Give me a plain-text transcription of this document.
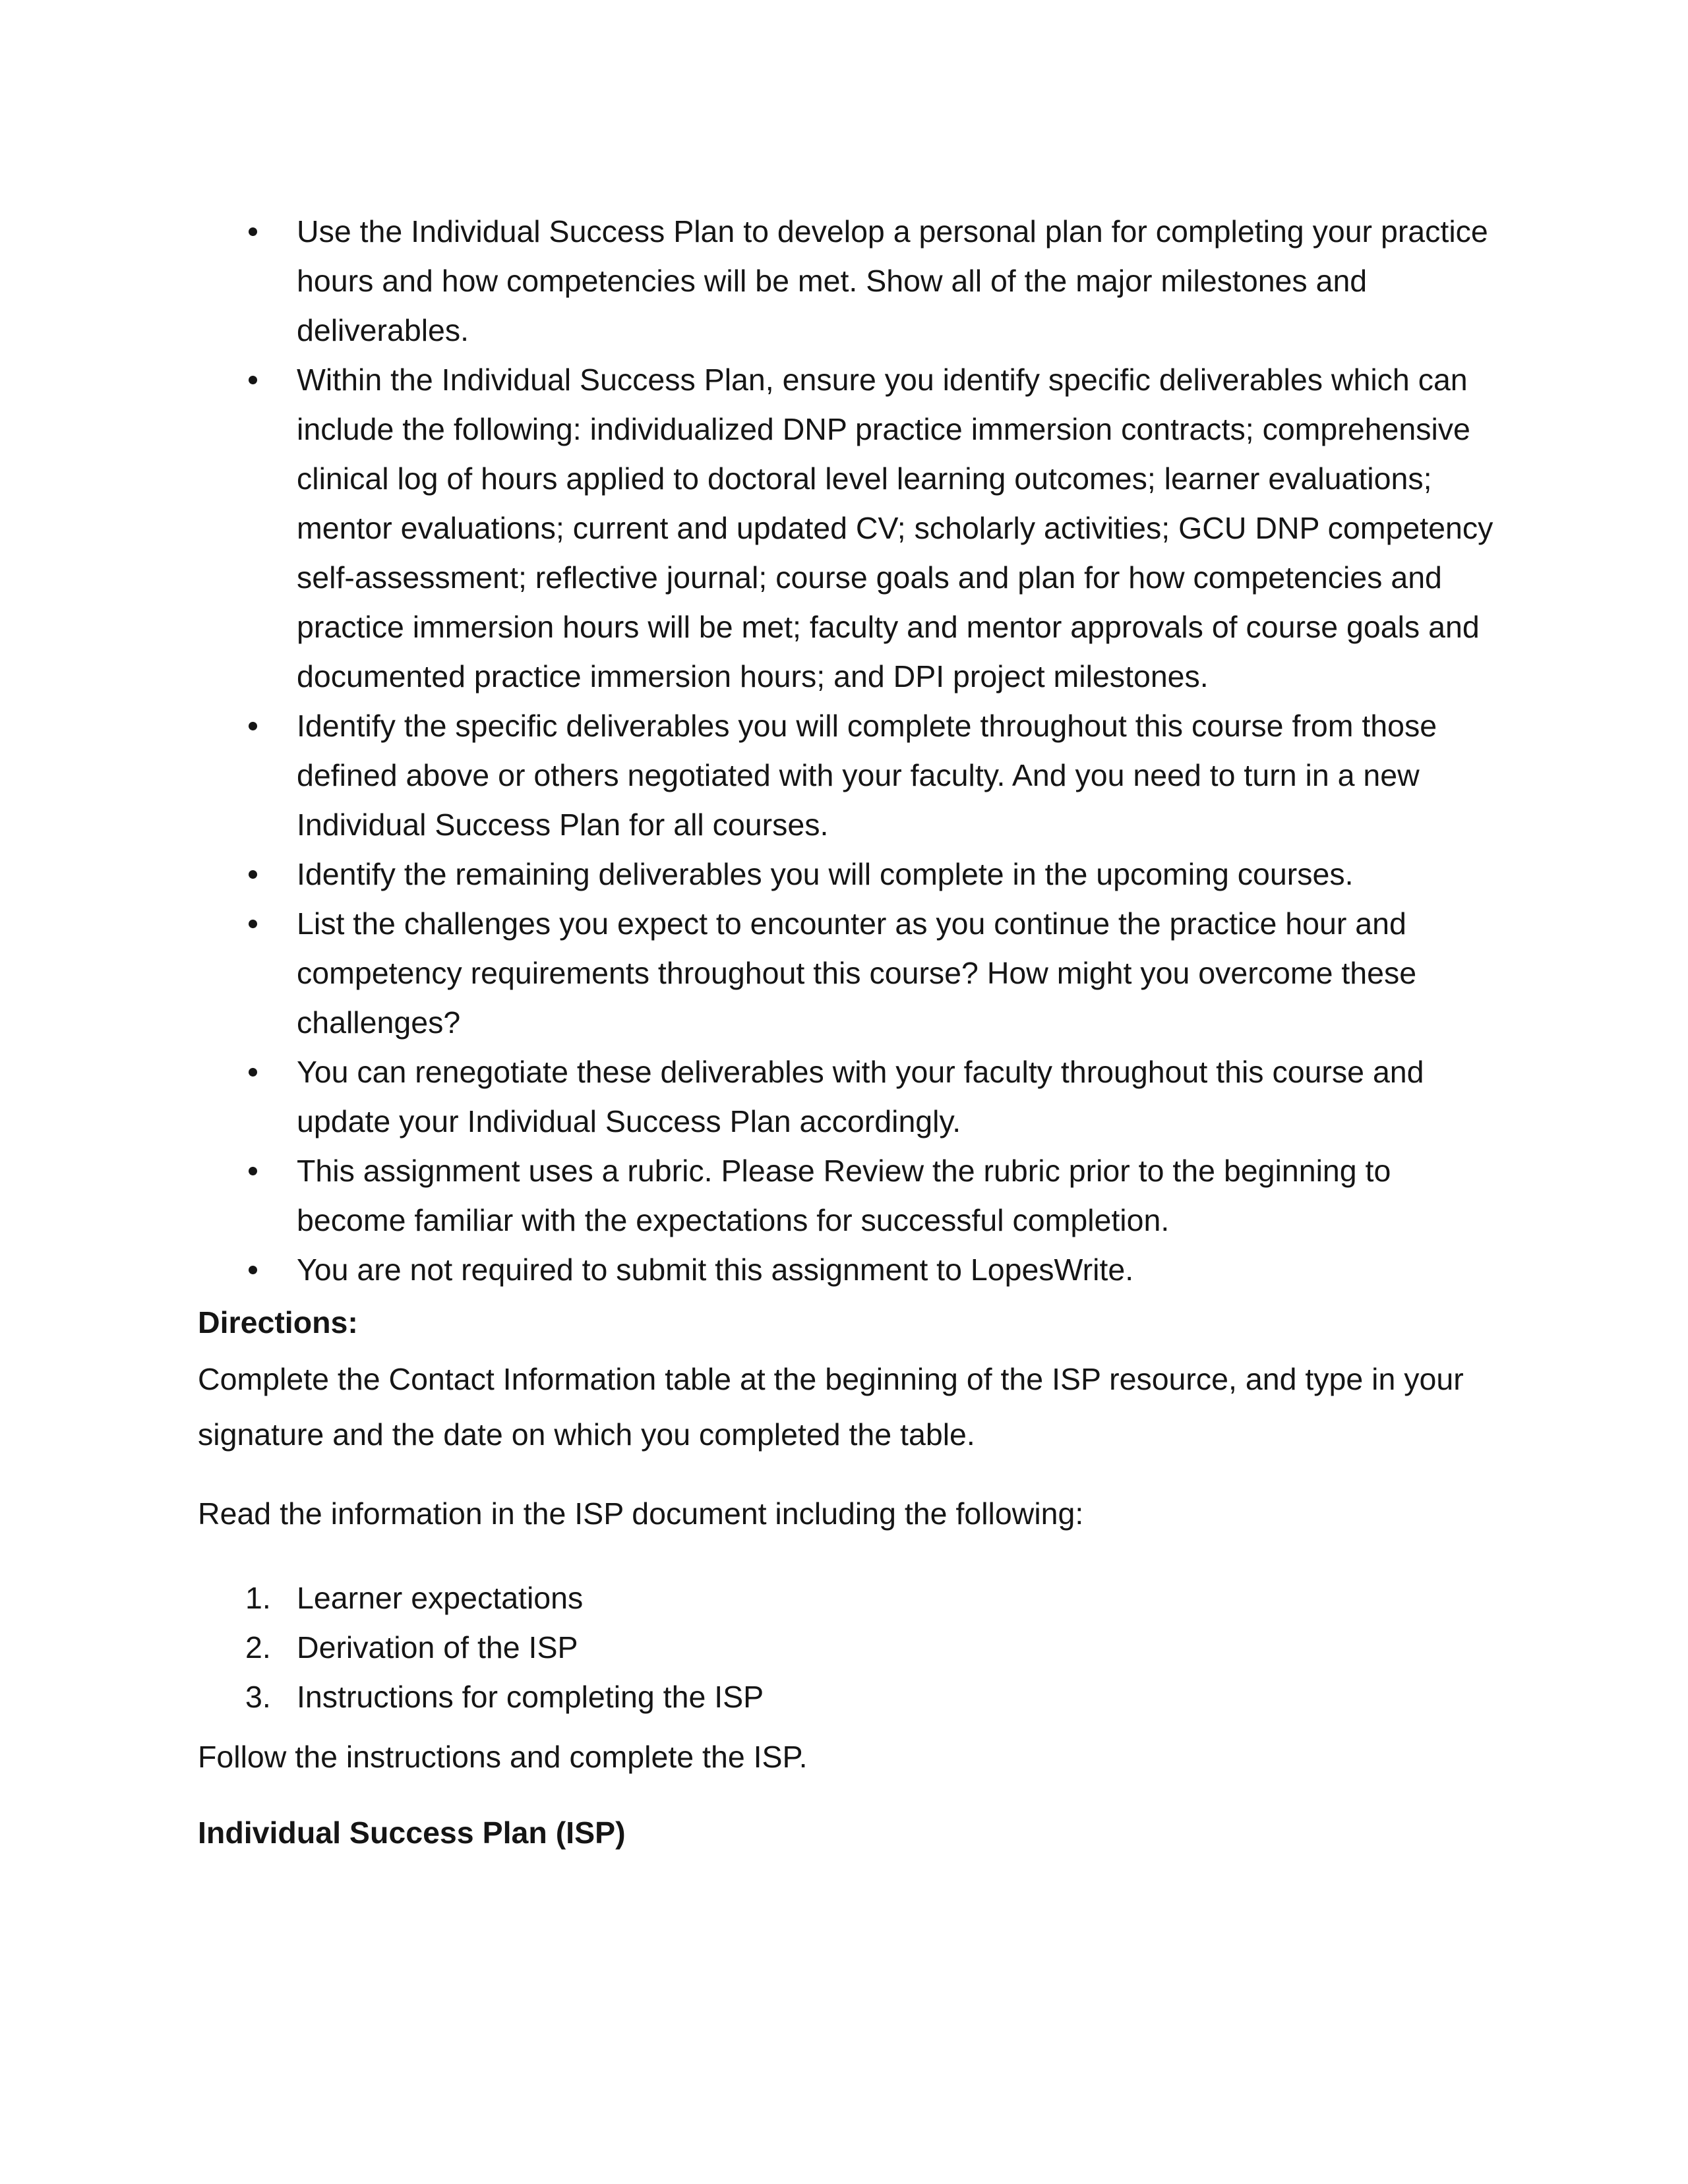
Use the Individual Success Plan to develop a personal plan for completing your practice hours and how competencies will be met. Show all of the major milestones and deliverables.
Within the Individual Success Plan, ensure you identify specific deliverables which can include the following: individualized DNP practice immersion contracts; comprehensive clinical log of hours applied to doctoral level learning outcomes; learner evaluations; mentor evaluations; current and updated CV; scholarly activities; GCU DNP competency self-assessment; reflective journal; course goals and plan for how competencies and practice immersion hours will be met; faculty and mentor approvals of course goals and documented practice immersion hours; and DPI project milestones.
Identify the specific deliverables you will complete throughout this course from those defined above or others negotiated with your faculty. And you need to turn in a new Individual Success Plan for all courses.
Identify the remaining deliverables you will complete in the upcoming courses.
List the challenges you expect to encounter as you continue the practice hour and competency requirements throughout this course? How might you overcome these challenges?
You can renegotiate these deliverables with your faculty throughout this course and update your Individual Success Plan accordingly.
This assignment uses a rubric. Please Review the rubric prior to the beginning to become familiar with the expectations for successful completion.
You are not required to submit this assignment to LopesWrite.
Directions:
Complete the Contact Information table at the beginning of the ISP resource, and type in your signature and the date on which you completed the table.
Read the information in the ISP document including the following:
1. Learner expectations
2. Derivation of the ISP
3. Instructions for completing the ISP
Follow the instructions and complete the ISP.
Individual Success Plan (ISP)
